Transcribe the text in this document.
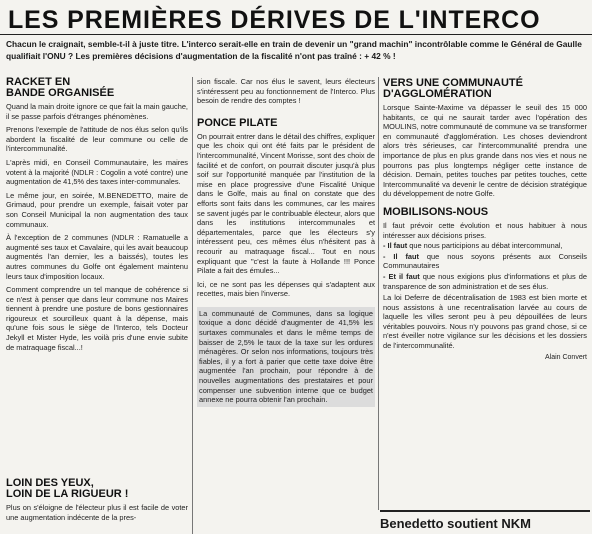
LES PREMIÈRES DÉRIVES DE L'INTERCO
Chacun le craignait, semble-t-il à juste titre. L'interco serait-elle en train de devenir un "grand machin" incontrôlable comme le Général de Gaulle qualifiait l'ONU ? Les premières décisions d'augmentation de la fiscalité n'ont pas traîné : + 42 % !
RACKET EN
BANDE ORGANISÉE

Quand la main droite ignore ce que fait la main gauche, il se passe parfois d'étranges phénomènes.

Prenons l'exemple de l'attitude de nos élus selon qu'ils abordent la fiscalité de leur commune ou celle de l'intercommunalité.

L'après midi, en Conseil Communautaire, les maires votent à la majorité (NDLR : Cogolin a voté contre) une augmentation de 41,5% des taxes inter-communales.

Le même jour, en soirée, M.BENEDETTO, maire de Grimaud, pour prendre un exemple, faisait voter par son Conseil Municipal la non augmentation des taux communaux.

À l'exception de 2 communes (NDLR : Ramatuelle a augmenté ses taux et Cavalaire, qui les avait beaucoup augmentés l'an dernier, les a baissés), toutes les autres communes du Golfe ont également maintenu leurs taux d'imposition locaux.

Comment comprendre un tel manque de cohérence si ce n'est à penser que dans leur commune nos Maires tiennent à prendre une posture de bons gestionnaires rigoureux et sourcilleux quant à la dépense, mais qu'une fois sous le siège de l'Interco, tels Docteur Jekyll et Mister Hyde, les voilà pris d'une envie subite de matraquage fiscal...!

LOIN DES YEUX,
LOIN DE LA RIGUEUR !

Plus on s'éloigne de l'électeur plus il est facile de voter une augmentation indécente de la pres-

sion fiscale. Car nos élus le savent, leurs électeurs s'intéressent peu au fonctionnement de l'Interco. Plus besoin de rendre des comptes !

PONCE PILATE

On pourrait entrer dans le détail des chiffres, expliquer que les choix qui ont été faits par le président de l'intercommunalité, Vincent Morisse, sont des choix de facilité et de confort, on pourrait discuter jusqu'à plus soif sur l'opportunité manquée par l'institution de la mise en place progressive d'une Fiscalité Unique dans le Golfe, mais au final on constate que des efforts sont faits dans les communes, car les maires se savent jugés par le contribuable électeur, alors que dans les institutions intercommunales et départementales, parce que les électeurs s'y intéressent peu, ces mêmes élus n'hésitent pas à recourir au matraquage fiscal... Tout en nous expliquant que "c'est la faute à Hollande !!! Ponce Pilate a fait des émules...

Ici, ce ne sont pas les dépenses qui s'adaptent aux recettes, mais bien l'inverse.

La communauté de Communes, dans sa logique toxique a donc décidé d'augmenter de 41,5% les surtaxes communales et dans le même temps de baisser de 2,5% le taux de la taxe sur les ordures ménagères. Or selon nos informations, toujours très fiables, il y a fort à parier que cette taxe doive être augmentée l'an prochain, pour répondre à de nouvelles augmentations des prestataires et pour compenser une subvention interne que ce budget annexe ne pourra obtenir l'an prochain.

VERS UNE COMMUNAUTÉ
D'AGGLOMÉRATION

Lorsque Sainte-Maxime va dépasser le seuil des 15 000 habitants, ce qui ne saurait tarder avec l'opération des MOULINS, notre communauté de commune va se transformer en communauté d'agglomération. Les choses deviendront alors très sérieuses, car l'intercommunalité prendra une importance de plus en plus grande dans nos vies et nous ne pourrons pas plus longtemps négliger cette instance de décision. Demain, petites touches par petites touches, cette Intercommunalité va devenir le centre de décision stratégique du développement de notre Golfe.

MOBILISONS-NOUS

Il faut prévoir cette évolution et nous habituer à nous intéresser aux décisions prises.

- Il faut que nous participions au débat intercommunal,

- Il faut que nous soyons présents aux Conseils Communautaires

- Et il faut que nous exigions plus d'informations et plus de transparence de son administration et de ses élus.

La loi Deferre de décentralisation de 1983 est bien morte et nous assistons à une recentralisation larvée au cours de laquelle les villes seront peu à peu dépouillées de leurs véritables pouvoirs. Nous n'y pouvons pas grand chose, si ce n'est éveiller notre vigilance sur les décisions et les dossiers de l'intercommunalité.

Alain Convert
Benedetto soutient NKM
